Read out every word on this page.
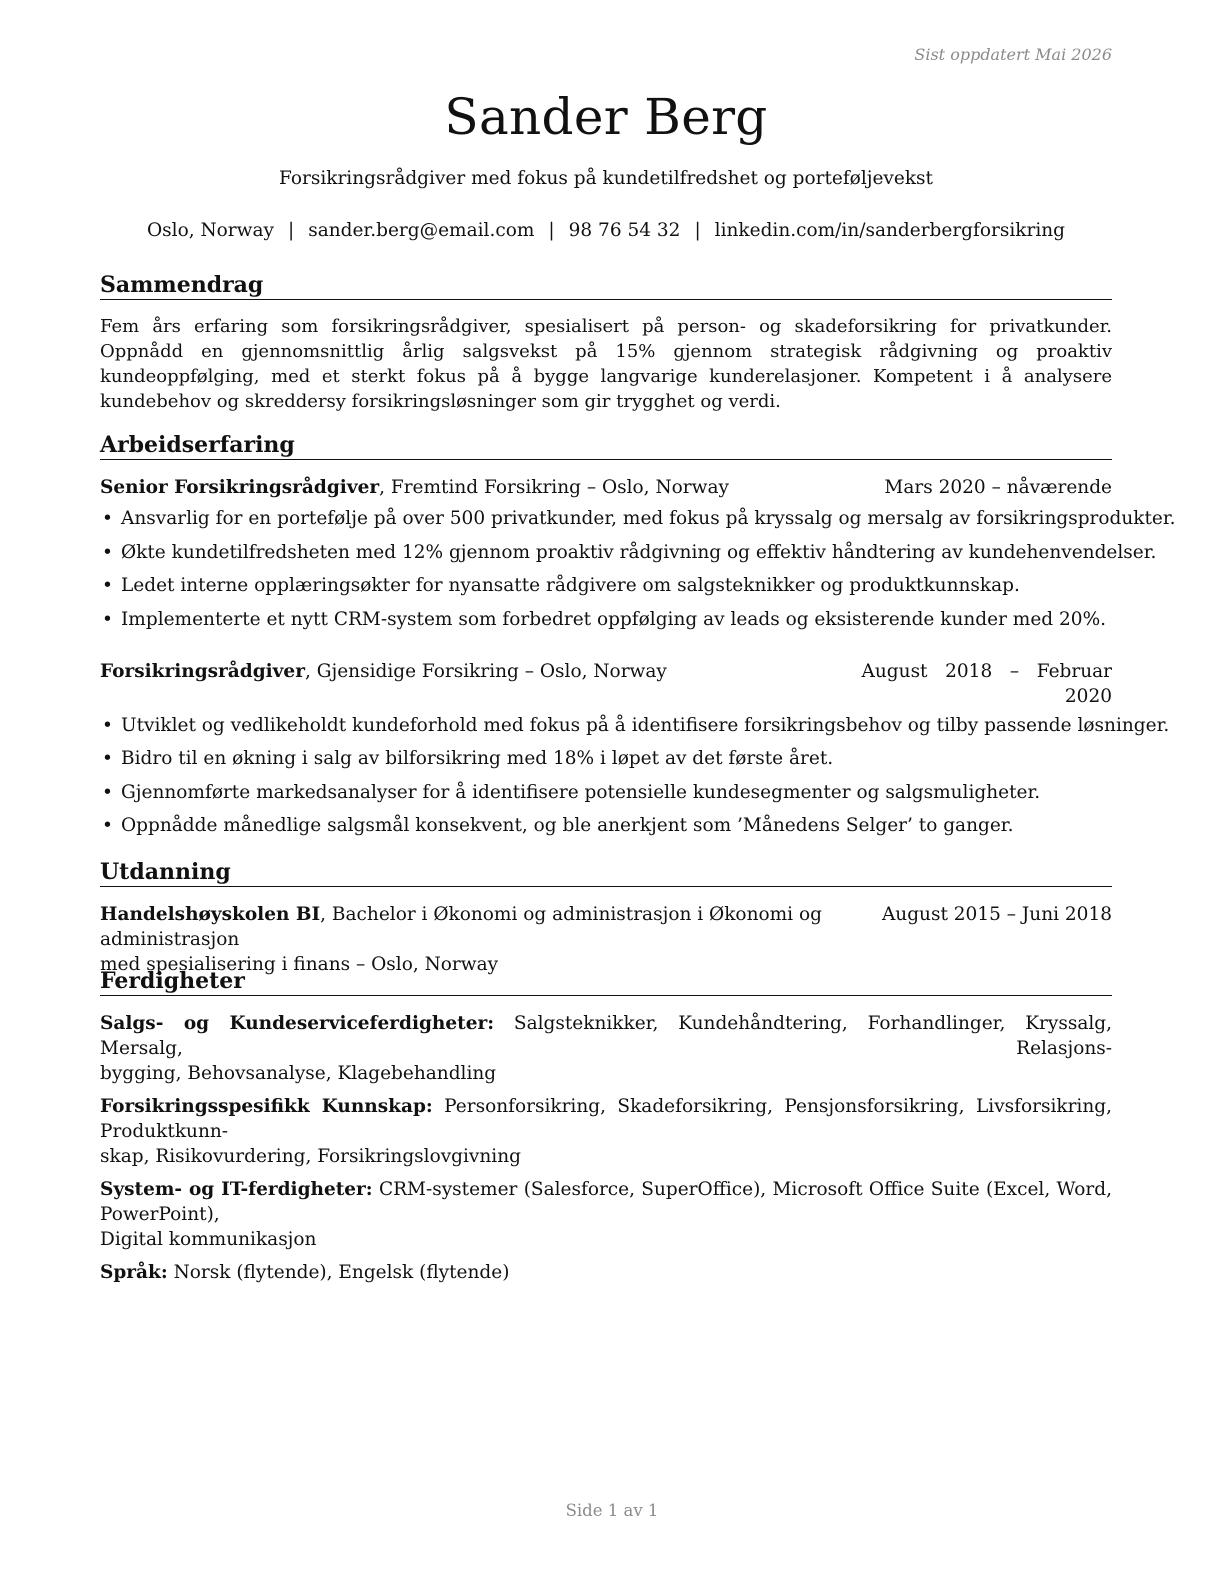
Sist oppdatert Mai 2026
Sander Berg
Forsikringsrådgiver med fokus på kundetilfredshet og porteføljevekst
Oslo, Norway | sander.berg@email.com | 98 76 54 32 | linkedin.com/in/sanderbergforsikring
Sammendrag

Fem års erfaring som forsikringsrådgiver, spesialisert på person- og skadeforsikring for privatkunder. Oppnådd en gjennomsnittlig årlig salgsvekst på 15% gjennom strategisk rådgivning og proaktiv kundeoppfølging, med et sterkt fokus på å bygge langvarige kunderelasjoner. Kompetent i å analysere kundebehov og skreddersy forsikringsløsninger som gir trygghet og verdi.

Arbeidserfaring
Senior Forsikringsrådgiver, Fremtind Forsikring – Oslo, Norway	Mars 2020 – nåværende
• Ansvarlig for en portefølje på over 500 privatkunder, med fokus på kryssalg og mersalg av forsikringsprodukter.
• Økte kundetilfredsheten med 12% gjennom proaktiv rådgivning og effektiv håndtering av kundehenvendelser.
• Ledet interne opplæringsøkter for nyansatte rådgivere om salgsteknikker og produktkunnskap.
• Implementerte et nytt CRM-system som forbedret oppfølging av leads og eksisterende kunder med 20%.
Forsikringsrådgiver, Gjensidige Forsikring – Oslo, Norway	August   2018   –   Februar
2020
• Utviklet og vedlikeholdt kundeforhold med fokus på å identifisere forsikringsbehov og tilby passende løsninger.
• Bidro til en økning i salg av bilforsikring med 18% i løpet av det første året.
• Gjennomførte markedsanalyser for å identifisere potensielle kundesegmenter og salgsmuligheter.
• Oppnådde månedlige salgsmål konsekvent, og ble anerkjent som ’Månedens Selger’ to ganger.
Utdanning
Handelshøyskolen BI, Bachelor i Økonomi og administrasjon i Økonomi og administrasjon
August 2015 – Juni 2018
med spesialisering i finans – Oslo, Norway
Ferdigheter
Salgs- og Kundeserviceferdigheter: Salgsteknikker, Kundehåndtering, Forhandlinger, Kryssalg, Mersalg, Relasjons-
bygging, Behovsanalyse, Klagebehandling
Forsikringsspesifikk Kunnskap: Personforsikring, Skadeforsikring, Pensjonsforsikring, Livsforsikring, Produktkunn-
skap, Risikovurdering, Forsikringslovgivning
System- og IT-ferdigheter: CRM-systemer (Salesforce, SuperOffice), Microsoft Office Suite (Excel, Word, PowerPoint),
Digital kommunikasjon
Språk: Norsk (flytende), Engelsk (flytende)
Side 1 av 1
